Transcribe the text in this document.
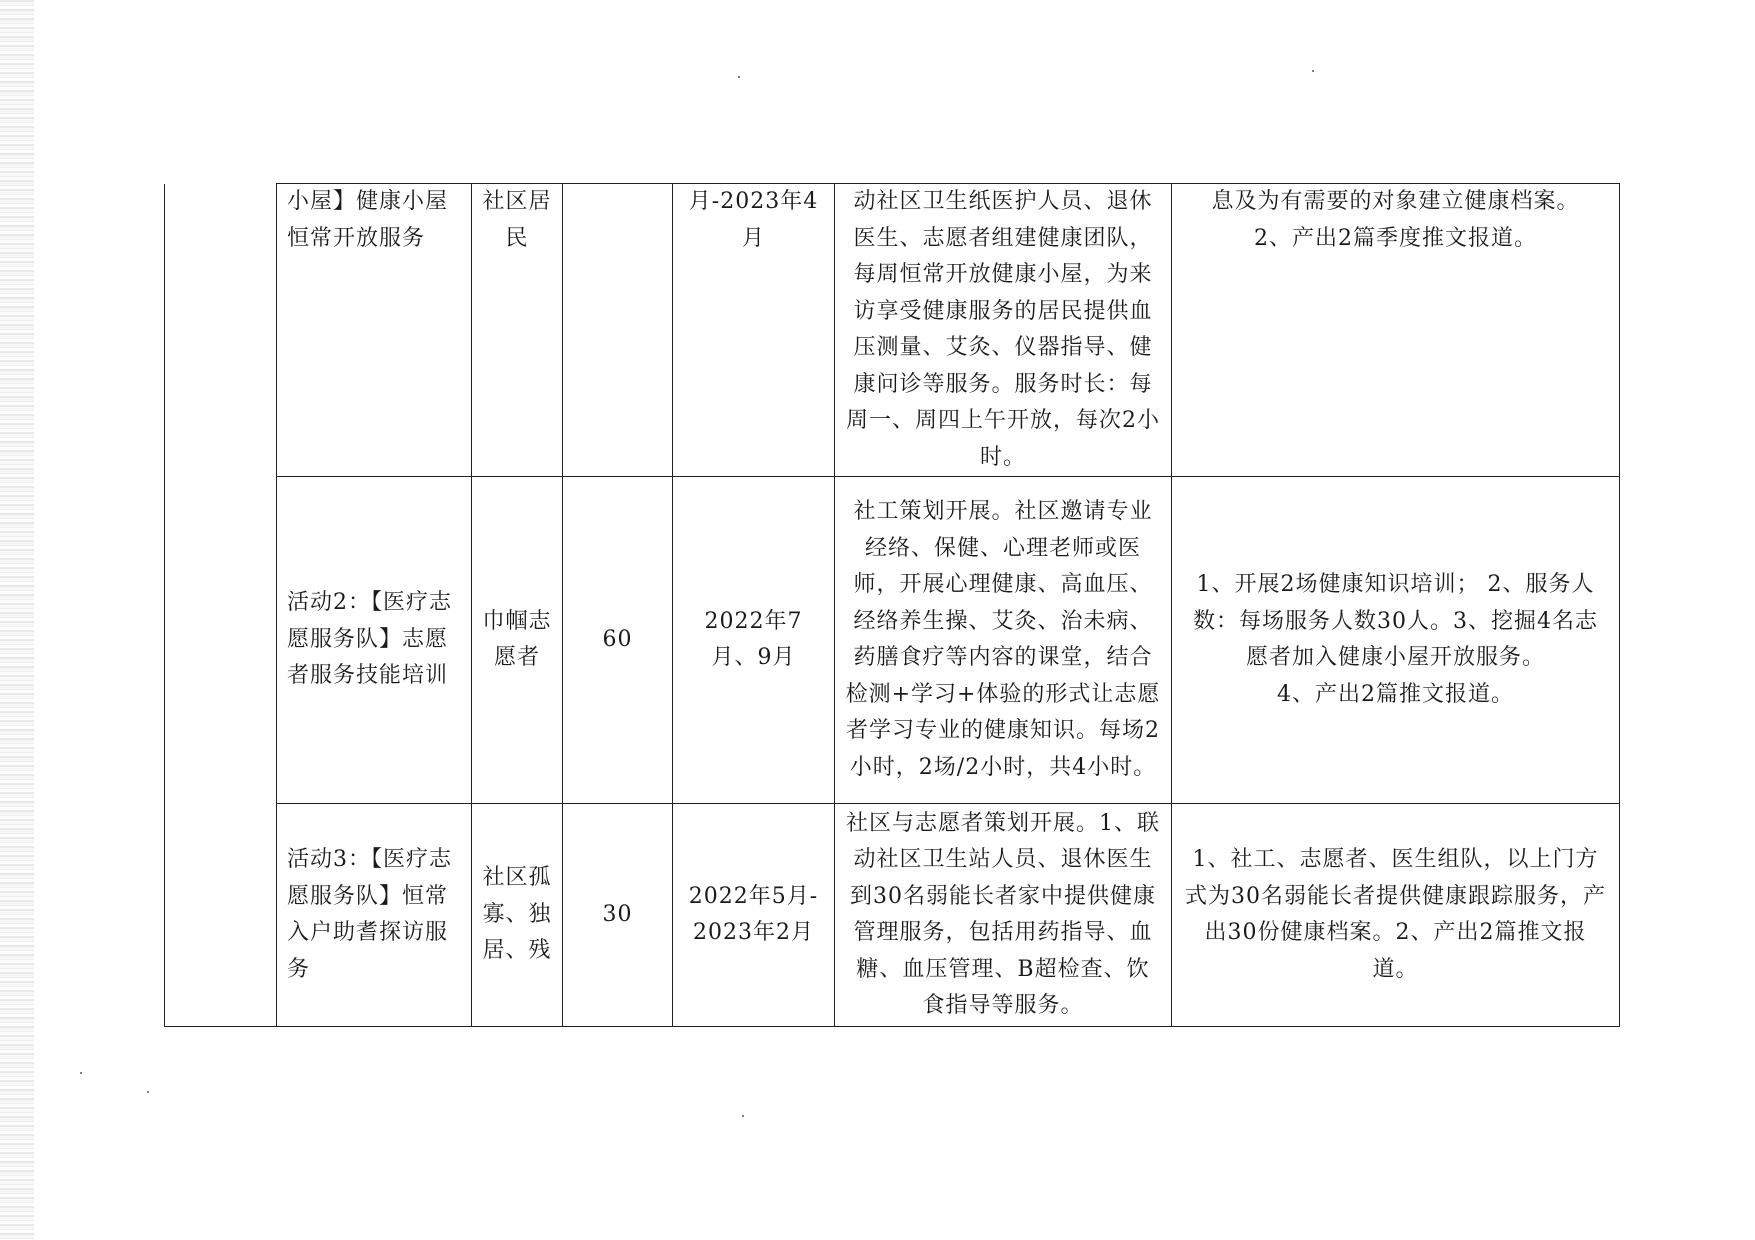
	小屋】健康小屋恒常开放服务	社区居民		月-2023年4月	动社区卫生纸医护人员、退休医生、志愿者组建健康团队，每周恒常开放健康小屋，为来访享受健康服务的居民提供血压测量、艾灸、仪器指导、健康问诊等服务。服务时长：每周一、周四上午开放，每次2小时。	息及为有需要的对象建立健康档案。
2、产出2篇季度推文报道。
	活动2：【医疗志愿服务队】志愿者服务技能培训	巾帼志愿者	60	2022年7月、9月	社工策划开展。社区邀请专业经络、保健、心理老师或医师，开展心理健康、高血压、经络养生操、艾灸、治未病、药膳食疗等内容的课堂，结合检测+学习+体验的形式让志愿者学习专业的健康知识。每场2小时，2场/2小时，共4小时。	1、开展2场健康知识培训； 2、服务人数：每场服务人数30人。3、挖掘4名志愿者加入健康小屋开放服务。
4、产出2篇推文报道。
	活动3：【医疗志愿服务队】恒常入户助耆探访服务	社区孤寡、独居、残	30	2022年5月-2023年2月	社区与志愿者策划开展。1、联动社区卫生站人员、退休医生到30名弱能长者家中提供健康管理服务，包括用药指导、血糖、血压管理、B超检查、饮食指导等服务。	1、社工、志愿者、医生组队，以上门方式为30名弱能长者提供健康跟踪服务，产出30份健康档案。2、产出2篇推文报道。
